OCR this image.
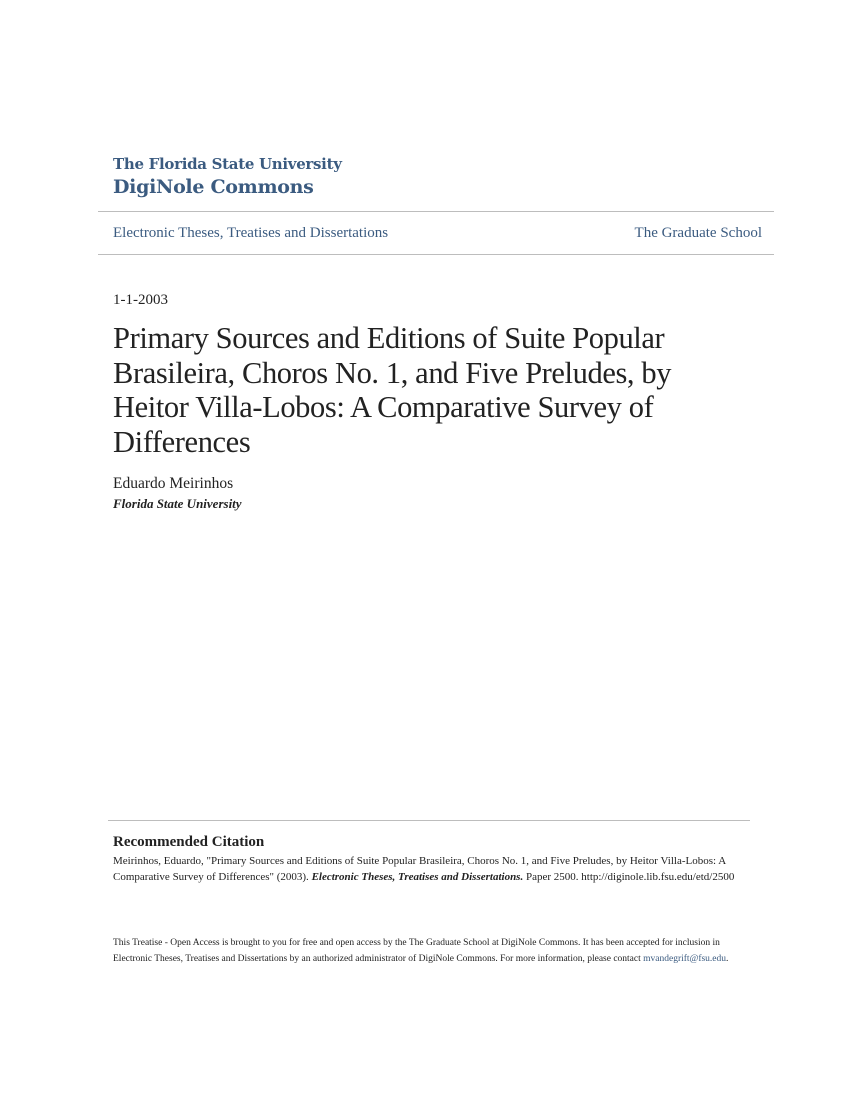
The Florida State University
DigiNole Commons
Electronic Theses, Treatises and Dissertations	The Graduate School
1-1-2003
Primary Sources and Editions of Suite Popular Brasileira, Choros No. 1, and Five Preludes, by Heitor Villa-Lobos: A Comparative Survey of Differences
Eduardo Meirinhos
Florida State University
Recommended Citation
Meirinhos, Eduardo, "Primary Sources and Editions of Suite Popular Brasileira, Choros No. 1, and Five Preludes, by Heitor Villa-Lobos: A Comparative Survey of Differences" (2003). Electronic Theses, Treatises and Dissertations. Paper 2500. http://diginole.lib.fsu.edu/etd/2500
This Treatise - Open Access is brought to you for free and open access by the The Graduate School at DigiNole Commons. It has been accepted for inclusion in Electronic Theses, Treatises and Dissertations by an authorized administrator of DigiNole Commons. For more information, please contact mvandegrift@fsu.edu.
